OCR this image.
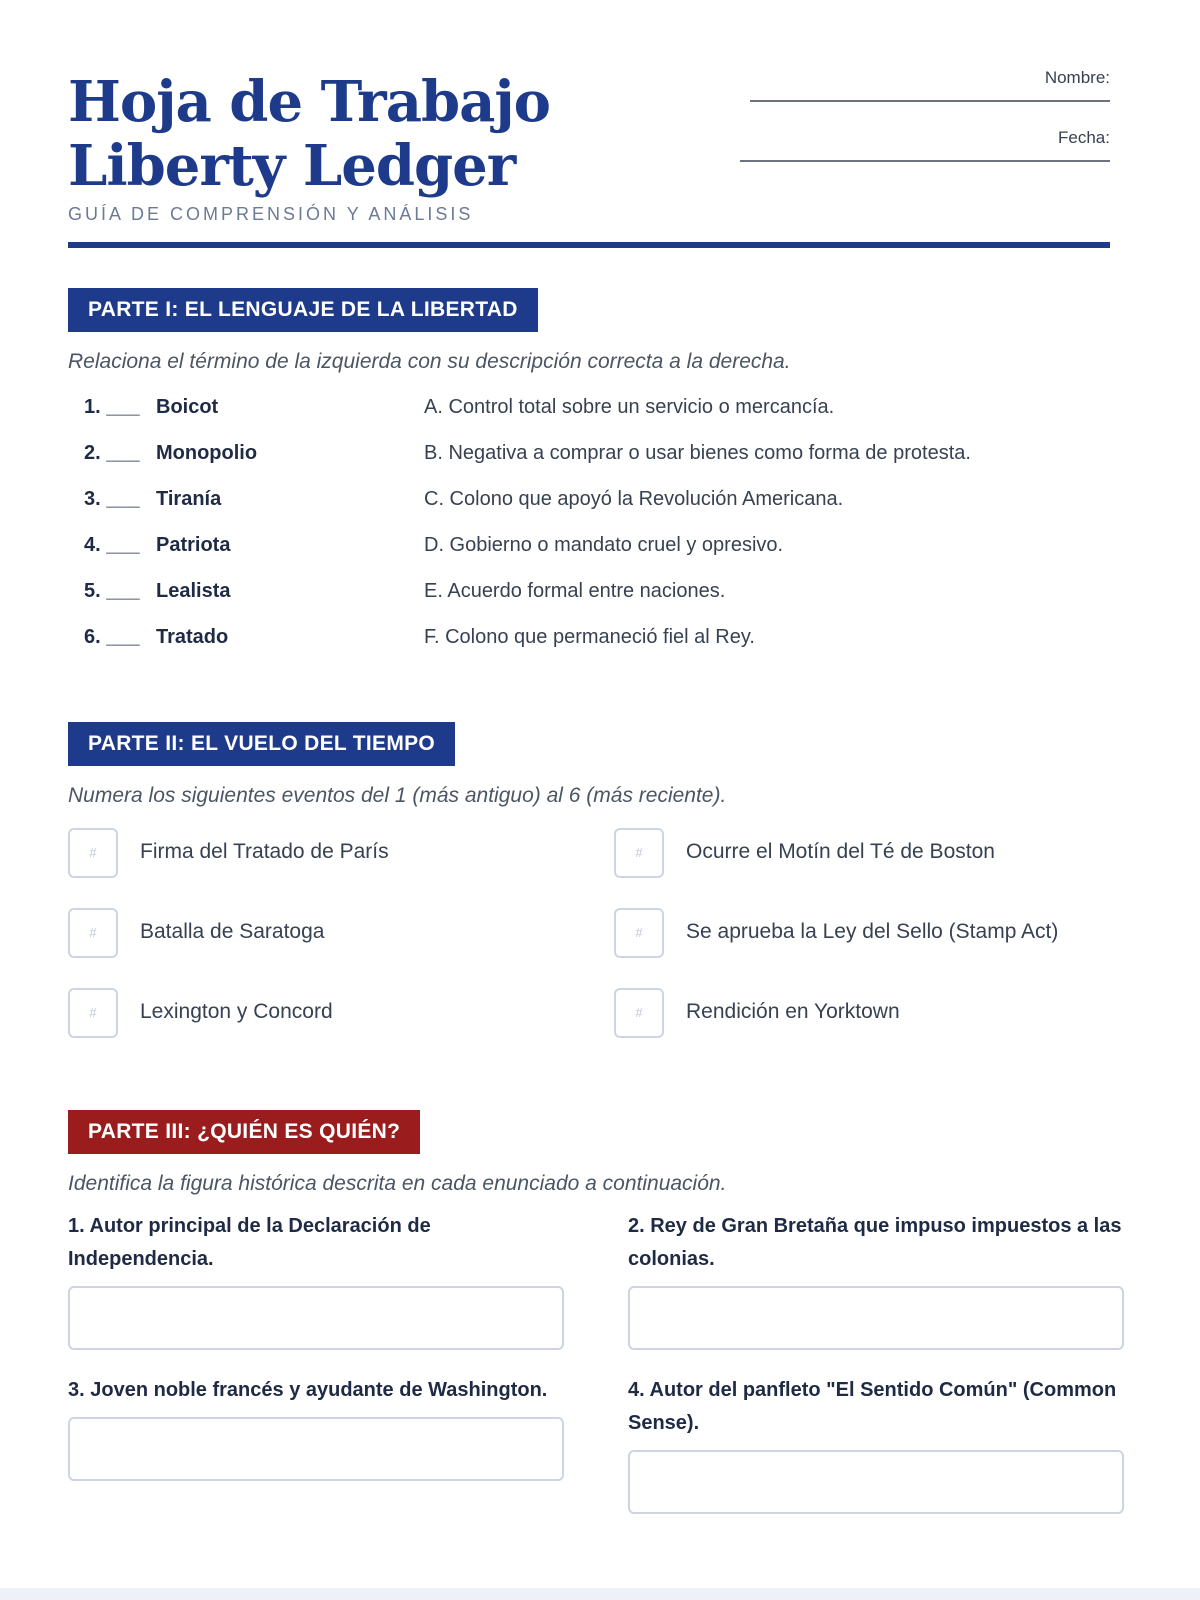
Hoja de Trabajo Liberty Ledger
GUÍA DE COMPRENSIÓN Y ANÁLISIS
Nombre:
Fecha:
PARTE I: EL LENGUAJE DE LA LIBERTAD
Relaciona el término de la izquierda con su descripción correcta a la derecha.
1. ___ Boicot	A. Control total sobre un servicio o mercancía.
2. ___ Monopolio	B. Negativa a comprar o usar bienes como forma de protesta.
3. ___ Tiranía	C. Colono que apoyó la Revolución Americana.
4. ___ Patriota	D. Gobierno o mandato cruel y opresivo.
5. ___ Lealista	E. Acuerdo formal entre naciones.
6. ___ Tratado	F. Colono que permaneció fiel al Rey.
PARTE II: EL VUELO DEL TIEMPO
Numera los siguientes eventos del 1 (más antiguo) al 6 (más reciente).
#	Firma del Tratado de París	#	Ocurre el Motín del Té de Boston
#	Batalla de Saratoga	#	Se aprueba la Ley del Sello (Stamp Act)
#	Lexington y Concord	#	Rendición en Yorktown
PARTE III: ¿QUIÉN ES QUIÉN?
Identifica la figura histórica descrita en cada enunciado a continuación.
1. Autor principal de la Declaración de Independencia.
2. Rey de Gran Bretaña que impuso impuestos a las colonias.
3. Joven noble francés y ayudante de Washington.	4. Autor del panfleto "El Sentido Común" (Common Sense).
